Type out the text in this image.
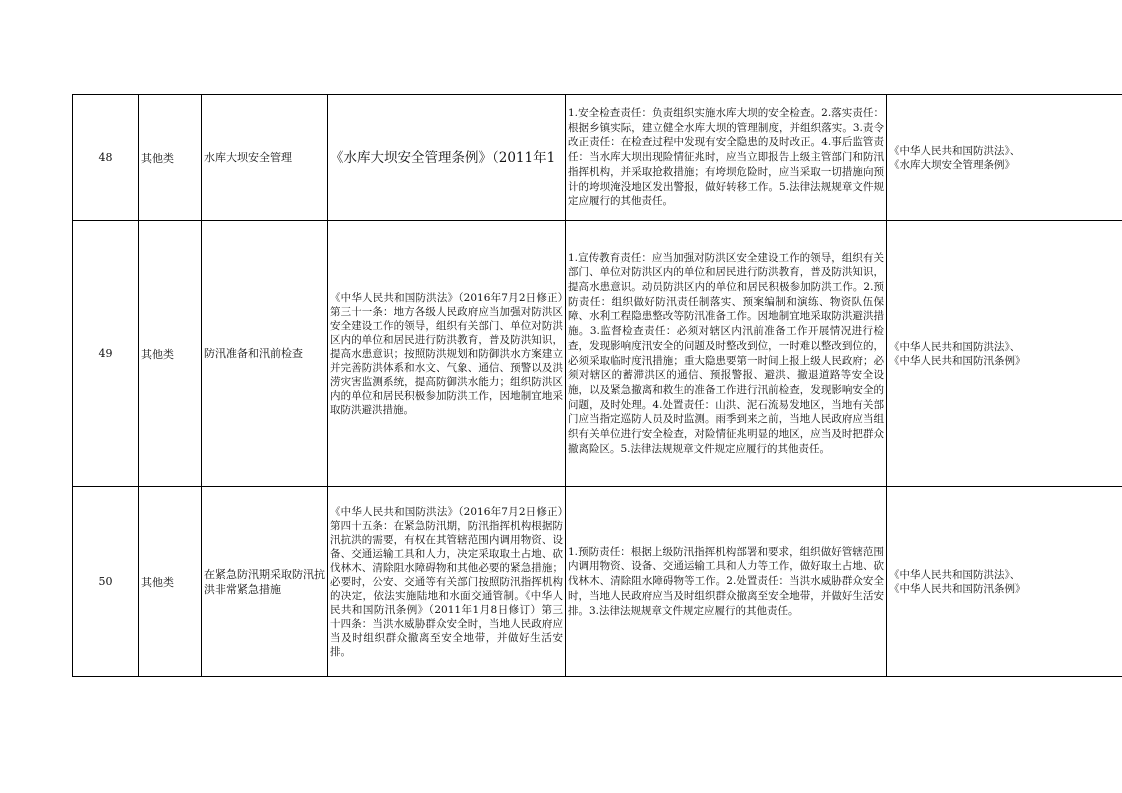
48	其他类	水库大坝安全管理	《水库大坝安全管理条例》（2011年1	1.安全检查责任：负责组织实施水库大坝的安全检查。2.落实责任：根据乡镇实际，建立健全水库大坝的管理制度，并组织落实。3.责令改正责任：在检查过程中发现有安全隐患的及时改正。4.事后监管责任：当水库大坝出现险情征兆时，应当立即报告上级主管部门和防汛指挥机构，并采取抢救措施；有垮坝危险时，应当采取一切措施向预计的垮坝淹没地区发出警报，做好转移工作。5.法律法规规章文件规定应履行的其他责任。	《中华人民共和国防洪法》、
《水库大坝安全管理条例》

49	其他类	防汛准备和汛前检查	《中华人民共和国防洪法》（2016年7月2日修正）第三十一条：地方各级人民政府应当加强对防洪区安全建设工作的领导，组织有关部门、单位对防洪区内的单位和居民进行防洪教育，普及防洪知识，提高水患意识；按照防洪规划和防御洪水方案建立并完善防洪体系和水文、气象、通信、预警以及洪涝灾害监测系统，提高防御洪水能力；组织防洪区内的单位和居民积极参加防洪工作，因地制宜地采取防洪避洪措施。	1.宣传教育责任：应当加强对防洪区安全建设工作的领导，组织有关部门、单位对防洪区内的单位和居民进行防洪教育，普及防洪知识，提高水患意识。动员防洪区内的单位和居民积极参加防洪工作。2.预防责任：组织做好防汛责任制落实、预案编制和演练、物资队伍保障、水利工程隐患整改等防汛准备工作。因地制宜地采取防洪避洪措施。3.监督检查责任：必须对辖区内汛前准备工作开展情况进行检查，发现影响度汛安全的问题及时整改到位，一时难以整改到位的，必须采取临时度汛措施；重大隐患要第一时间上报上级人民政府；必须对辖区的蓄滞洪区的通信、预报警报、避洪、撤退道路等安全设施，以及紧急撤离和救生的准备工作进行汛前检查，发现影响安全的问题，及时处理。4.处置责任：山洪、泥石流易发地区，当地有关部门应当指定巡防人员及时监测。雨季到来之前，当地人民政府应当组织有关单位进行安全检查，对险情征兆明显的地区，应当及时把群众撤离险区。5.法律法规规章文件规定应履行的其他责任。	《中华人民共和国防洪法》、
《中华人民共和国防汛条例》

50	其他类	在紧急防汛期采取防汛抗洪非常紧急措施	《中华人民共和国防洪法》（2016年7月2日修正）第四十五条：在紧急防汛期，防汛指挥机构根据防汛抗洪的需要，有权在其管辖范围内调用物资、设备、交通运输工具和人力，决定采取取土占地、砍伐林木、清除阻水障碍物和其他必要的紧急措施；必要时，公安、交通等有关部门按照防汛指挥机构的决定，依法实施陆地和水面交通管制。《中华人民共和国防汛条例》（2011年1月8日修订）第三十四条：当洪水威胁群众安全时，当地人民政府应当及时组织群众撤离至安全地带，并做好生活安排。	1.预防责任：根据上级防汛指挥机构部署和要求，组织做好管辖范围内调用物资、设备、交通运输工具和人力等工作，做好取土占地、砍伐林木、清除阻水障碍物等工作。2.处置责任：当洪水威胁群众安全时，当地人民政府应当及时组织群众撤离至安全地带，并做好生活安排。3.法律法规规章文件规定应履行的其他责任。	《中华人民共和国防洪法》、
《中华人民共和国防汛条例》
